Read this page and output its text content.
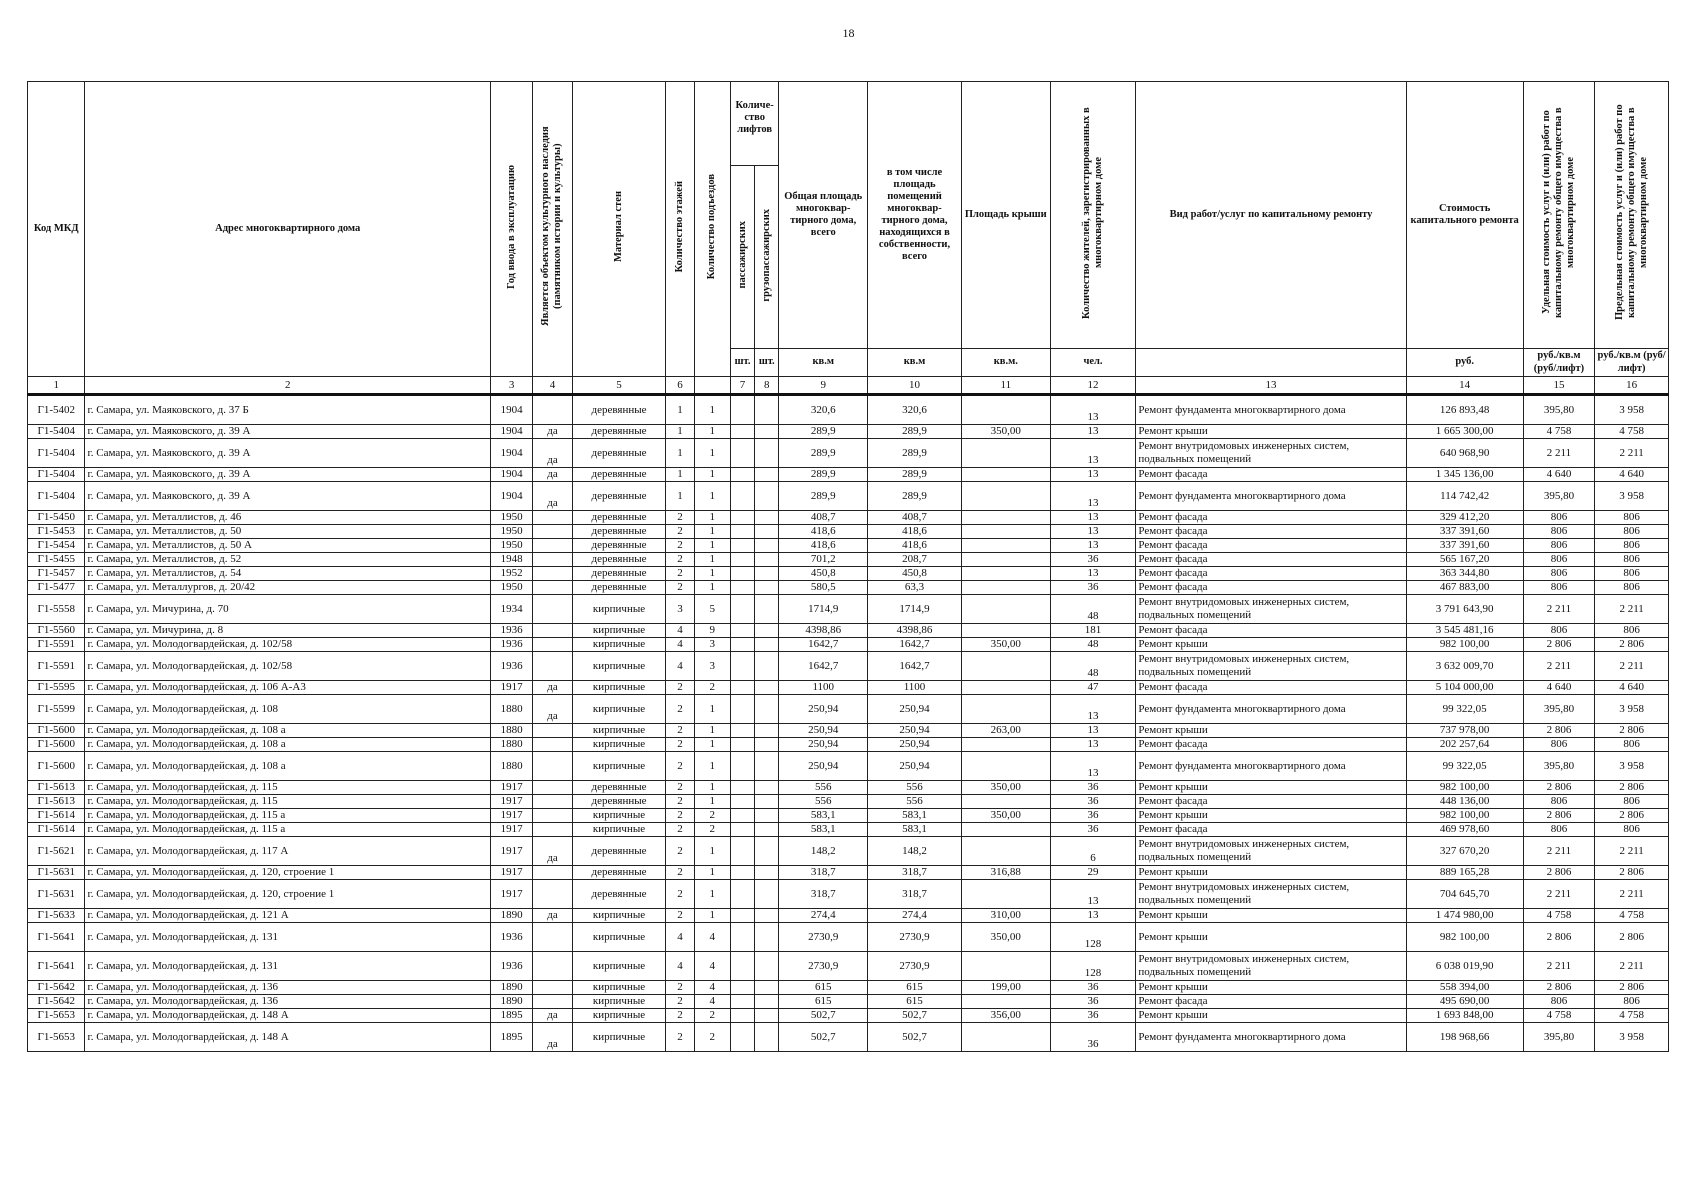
18
Код МКД	Адрес многоквартирного дома	Год ввода в эксплуатацию	Является объектом культурного наследия (памятником истории и культуры)	Материал стен	Количество этажей	Количество подъездов	Количе-ство лифтов		Общая площадь многоквар-тирного дома, всего	в том числе площадь помещений многоквар-тирного дома, находящихся в собственности, всего	Площадь крыши	Количество жителей, зарегистрированных в многоквартирном доме	Вид работ/услуг по капитальному ремонту	Стоимость капитального ремонта	Удельная стоимость услуг и (или) работ по капитальному ремонту общего имущества в многоквартирном доме	Предельная стоимость услуг и (или) работ по капитальному ремонту общего имущества в многоквартирном доме
							пассажирских	грузопассажирских								
							шт.	шт.	кв.м	кв.м	кв.м.	чел.		руб.	руб./кв.м (руб/лифт)	руб./кв.м (руб/лифт)
1	2	3	4	5	6		7	8	9	10	11	12	13	14	15	16
Г1-5402	г. Самара, ул. Маяковского, д. 37 Б	1904		деревянные	1	1			320,6	320,6		13	Ремонт фундамента многоквартирного дома	126 893,48	395,80	3 958
Г1-5404	г. Самара, ул. Маяковского, д. 39 А	1904	да	деревянные	1	1			289,9	289,9	350,00	13	Ремонт крыши	1 665 300,00	4 758	4 758
Г1-5404	г. Самара, ул. Маяковского, д. 39 А	1904	да	деревянные	1	1			289,9	289,9		13	Ремонт внутридомовых инженерных систем, подвальных помещений	640 968,90	2 211	2 211
Г1-5404	г. Самара, ул. Маяковского, д. 39 А	1904	да	деревянные	1	1			289,9	289,9		13	Ремонт фасада	1 345 136,00	4 640	4 640
Г1-5404	г. Самара, ул. Маяковского, д. 39 А	1904	да	деревянные	1	1			289,9	289,9		13	Ремонт фундамента многоквартирного дома	114 742,42	395,80	3 958
Г1-5450	г. Самара, ул. Металлистов, д. 46	1950		деревянные	2	1			408,7	408,7		13	Ремонт фасада	329 412,20	806	806
Г1-5453	г. Самара, ул. Металлистов, д. 50	1950		деревянные	2	1			418,6	418,6		13	Ремонт фасада	337 391,60	806	806
Г1-5454	г. Самара, ул. Металлистов, д. 50 А	1950		деревянные	2	1			418,6	418,6		13	Ремонт фасада	337 391,60	806	806
Г1-5455	г. Самара, ул. Металлистов, д. 52	1948		деревянные	2	1			701,2	208,7		36	Ремонт фасада	565 167,20	806	806
Г1-5457	г. Самара, ул. Металлистов, д. 54	1952		деревянные	2	1			450,8	450,8		13	Ремонт фасада	363 344,80	806	806
Г1-5477	г. Самара, ул. Металлургов, д. 20/42	1950		деревянные	2	1			580,5	63,3		36	Ремонт фасада	467 883,00	806	806
Г1-5558	г. Самара, ул. Мичурина, д. 70	1934		кирпичные	3	5			1714,9	1714,9		48	Ремонт внутридомовых инженерных систем, подвальных помещений	3 791 643,90	2 211	2 211
Г1-5560	г. Самара, ул. Мичурина, д. 8	1936		кирпичные	4	9			4398,86	4398,86		181	Ремонт фасада	3 545 481,16	806	806
Г1-5591	г. Самара, ул. Молодогвардейская, д. 102/58	1936		кирпичные	4	3			1642,7	1642,7	350,00	48	Ремонт крыши	982 100,00	2 806	2 806
Г1-5591	г. Самара, ул. Молодогвардейская, д. 102/58	1936		кирпичные	4	3			1642,7	1642,7		48	Ремонт внутридомовых инженерных систем, подвальных помещений	3 632 009,70	2 211	2 211
Г1-5595	г. Самара, ул. Молодогвардейская, д. 106 А-А3	1917	да	кирпичные	2	2			1100	1100		47	Ремонт фасада	5 104 000,00	4 640	4 640
Г1-5599	г. Самара, ул. Молодогвардейская, д. 108	1880	да	кирпичные	2	1			250,94	250,94		13	Ремонт фундамента многоквартирного дома	99 322,05	395,80	3 958
Г1-5600	г. Самара, ул. Молодогвардейская, д. 108 а	1880		кирпичные	2	1			250,94	250,94	263,00	13	Ремонт крыши	737 978,00	2 806	2 806
Г1-5600	г. Самара, ул. Молодогвардейская, д. 108 а	1880		кирпичные	2	1			250,94	250,94		13	Ремонт фасада	202 257,64	806	806
Г1-5600	г. Самара, ул. Молодогвардейская, д. 108 а	1880		кирпичные	2	1			250,94	250,94		13	Ремонт фундамента многоквартирного дома	99 322,05	395,80	3 958
Г1-5613	г. Самара, ул. Молодогвардейская, д. 115	1917		деревянные	2	1			556	556	350,00	36	Ремонт крыши	982 100,00	2 806	2 806
Г1-5613	г. Самара, ул. Молодогвардейская, д. 115	1917		деревянные	2	1			556	556		36	Ремонт фасада	448 136,00	806	806
Г1-5614	г. Самара, ул. Молодогвардейская, д. 115 а	1917		кирпичные	2	2			583,1	583,1	350,00	36	Ремонт крыши	982 100,00	2 806	2 806
Г1-5614	г. Самара, ул. Молодогвардейская, д. 115 а	1917		кирпичные	2	2			583,1	583,1		36	Ремонт фасада	469 978,60	806	806
Г1-5621	г. Самара, ул. Молодогвардейская, д. 117 А	1917	да	деревянные	2	1			148,2	148,2		6	Ремонт внутридомовых инженерных систем, подвальных помещений	327 670,20	2 211	2 211
Г1-5631	г. Самара, ул. Молодогвардейская, д. 120, строение 1	1917		деревянные	2	1			318,7	318,7	316,88	29	Ремонт крыши	889 165,28	2 806	2 806
Г1-5631	г. Самара, ул. Молодогвардейская, д. 120, строение 1	1917		деревянные	2	1			318,7	318,7		13	Ремонт внутридомовых инженерных систем, подвальных помещений	704 645,70	2 211	2 211
Г1-5633	г. Самара, ул. Молодогвардейская, д. 121 А	1890	да	кирпичные	2	1			274,4	274,4	310,00	13	Ремонт крыши	1 474 980,00	4 758	4 758
Г1-5641	г. Самара, ул. Молодогвардейская, д. 131	1936		кирпичные	4	4			2730,9	2730,9	350,00	128	Ремонт крыши	982 100,00	2 806	2 806
Г1-5641	г. Самара, ул. Молодогвардейская, д. 131	1936		кирпичные	4	4			2730,9	2730,9		128	Ремонт внутридомовых инженерных систем, подвальных помещений	6 038 019,90	2 211	2 211
Г1-5642	г. Самара, ул. Молодогвардейская, д. 136	1890		кирпичные	2	4			615	615	199,00	36	Ремонт крыши	558 394,00	2 806	2 806
Г1-5642	г. Самара, ул. Молодогвардейская, д. 136	1890		кирпичные	2	4			615	615		36	Ремонт фасада	495 690,00	806	806
Г1-5653	г. Самара, ул. Молодогвардейская, д. 148 А	1895	да	кирпичные	2	2			502,7	502,7	356,00	36	Ремонт крыши	1 693 848,00	4 758	4 758
Г1-5653	г. Самара, ул. Молодогвардейская, д. 148 А	1895	да	кирпичные	2	2			502,7	502,7		36	Ремонт фундамента многоквартирного дома	198 968,66	395,80	3 958
